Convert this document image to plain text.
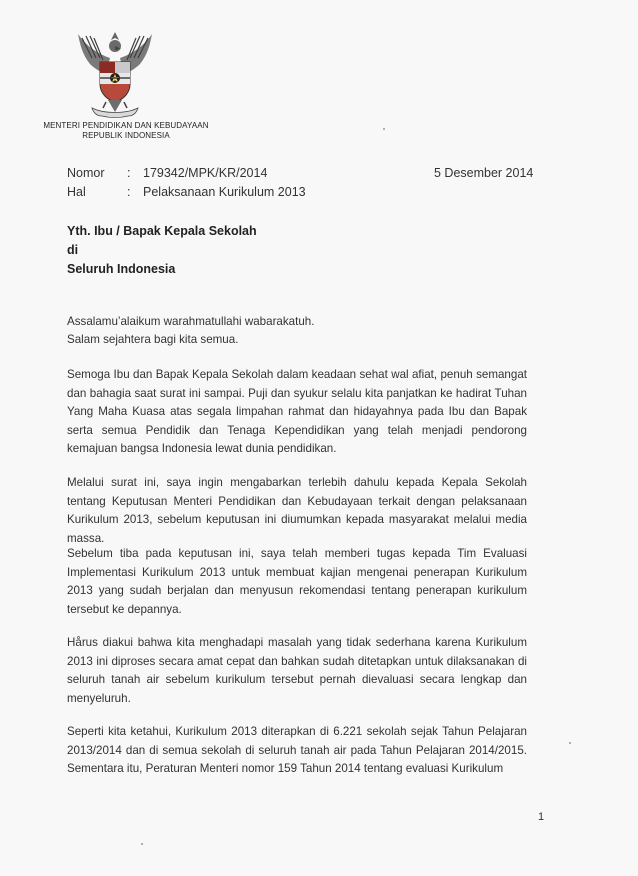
MENTERI PENDIDIKAN DAN KEBUDAYAAN
REPUBLIK INDONESIA
Nomor : 179342/MPK/KR/2014
Hal	: Pelaksanaan Kurikulum 2013
5 Desember 2014
Yth. Ibu / Bapak Kepala Sekolah
di
Seluruh Indonesia
Assalamu’alaikum warahmatullahi wabarakatuh.
Salam sejahtera bagi kita semua.
Semoga Ibu dan Bapak Kepala Sekolah dalam keadaan sehat wal afiat, penuh semangat dan bahagia saat surat ini sampai. Puji dan syukur selalu kita panjatkan ke hadirat Tuhan Yang Maha Kuasa atas segala limpahan rahmat dan hidayahnya pada Ibu dan Bapak serta semua Pendidik dan Tenaga Kependidikan yang telah menjadi pendorong kemajuan bangsa Indonesia lewat dunia pendidikan.
Melalui surat ini, saya ingin mengabarkan terlebih dahulu kepada Kepala Sekolah tentang Keputusan Menteri Pendidikan dan Kebudayaan terkait dengan pelaksanaan Kurikulum 2013, sebelum keputusan ini diumumkan kepada masyarakat melalui media massa.
Sebelum tiba pada keputusan ini, saya telah memberi tugas kepada Tim Evaluasi Implementasi Kurikulum 2013 untuk membuat kajian mengenai penerapan Kurikulum 2013 yang sudah berjalan dan menyusun rekomendasi tentang penerapan kurikulum tersebut ke depannya.
Hårus diakui bahwa kita menghadapi masalah yang tidak sederhana karena Kurikulum 2013 ini diproses secara amat cepat dan bahkan sudah ditetapkan untuk dilaksanakan di seluruh tanah air sebelum kurikulum tersebut pernah dievaluasi secara lengkap dan menyeluruh.
Seperti kita ketahui, Kurikulum 2013 diterapkan di 6.221 sekolah sejak Tahun Pelajaran 2013/2014 dan di semua sekolah di seluruh tanah air pada Tahun Pelajaran 2014/2015. Sementara itu, Peraturan Menteri nomor 159 Tahun 2014 tentang evaluasi Kurikulum
1
